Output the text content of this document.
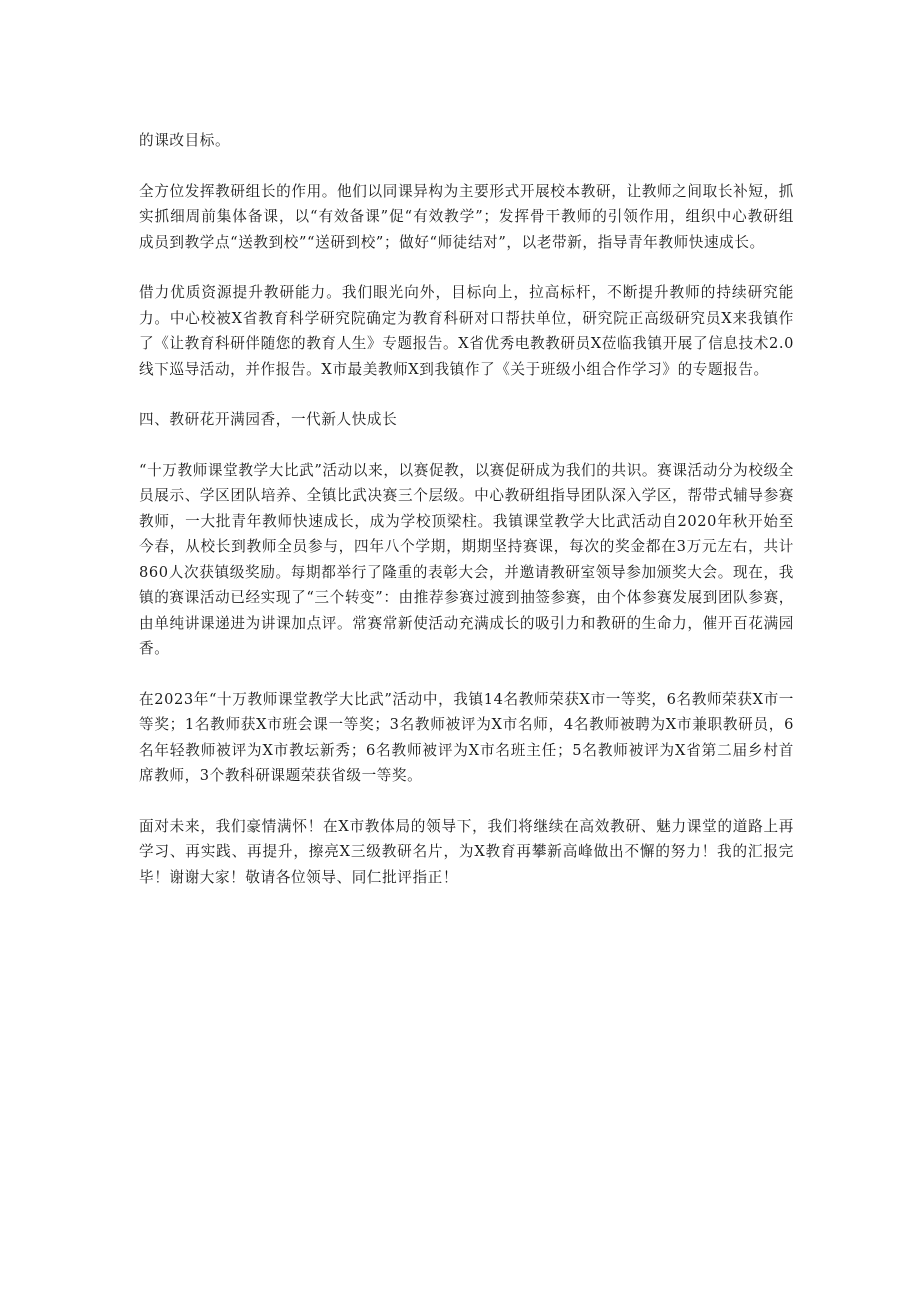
的课改目标。

全方位发挥教研组长的作用。他们以同课异构为主要形式开展校本教研，让教师之间取长补短，抓实抓细周前集体备课，以“有效备课”促“有效教学”；发挥骨干教师的引领作用，组织中心教研组成员到教学点“送教到校”“送研到校”；做好“师徒结对”，以老带新，指导青年教师快速成长。

借力优质资源提升教研能力。我们眼光向外，目标向上，拉高标杆，不断提升教师的持续研究能力。中心校被X省教育科学研究院确定为教育科研对口帮扶单位，研究院正高级研究员X来我镇作了《让教育科研伴随您的教育人生》专题报告。X省优秀电教教研员X莅临我镇开展了信息技术2.0线下巡导活动，并作报告。X市最美教师X到我镇作了《关于班级小组合作学习》的专题报告。

四、教研花开满园香，一代新人快成长

“十万教师课堂教学大比武”活动以来，以赛促教，以赛促研成为我们的共识。赛课活动分为校级全员展示、学区团队培养、全镇比武决赛三个层级。中心教研组指导团队深入学区，帮带式辅导参赛教师，一大批青年教师快速成长，成为学校顶梁柱。我镇课堂教学大比武活动自2020年秋开始至今春，从校长到教师全员参与，四年八个学期，期期坚持赛课，每次的奖金都在3万元左右，共计860人次获镇级奖励。每期都举行了隆重的表彰大会，并邀请教研室领导参加颁奖大会。现在，我镇的赛课活动已经实现了“三个转变”：由推荐参赛过渡到抽签参赛，由个体参赛发展到团队参赛，由单纯讲课递进为讲课加点评。常赛常新使活动充满成长的吸引力和教研的生命力，催开百花满园香。

在2023年“十万教师课堂教学大比武”活动中，我镇14名教师荣获X市一等奖，6名教师荣获X市一等奖；1名教师获X市班会课一等奖；3名教师被评为X市名师，4名教师被聘为X市兼职教研员，6名年轻教师被评为X市教坛新秀；6名教师被评为X市名班主任；5名教师被评为X省第二届乡村首席教师，3个教科研课题荣获省级一等奖。

面对未来，我们豪情满怀！在X市教体局的领导下，我们将继续在高效教研、魅力课堂的道路上再学习、再实践、再提升，擦亮X三级教研名片，为X教育再攀新高峰做出不懈的努力！我的汇报完毕！谢谢大家！敬请各位领导、同仁批评指正！
